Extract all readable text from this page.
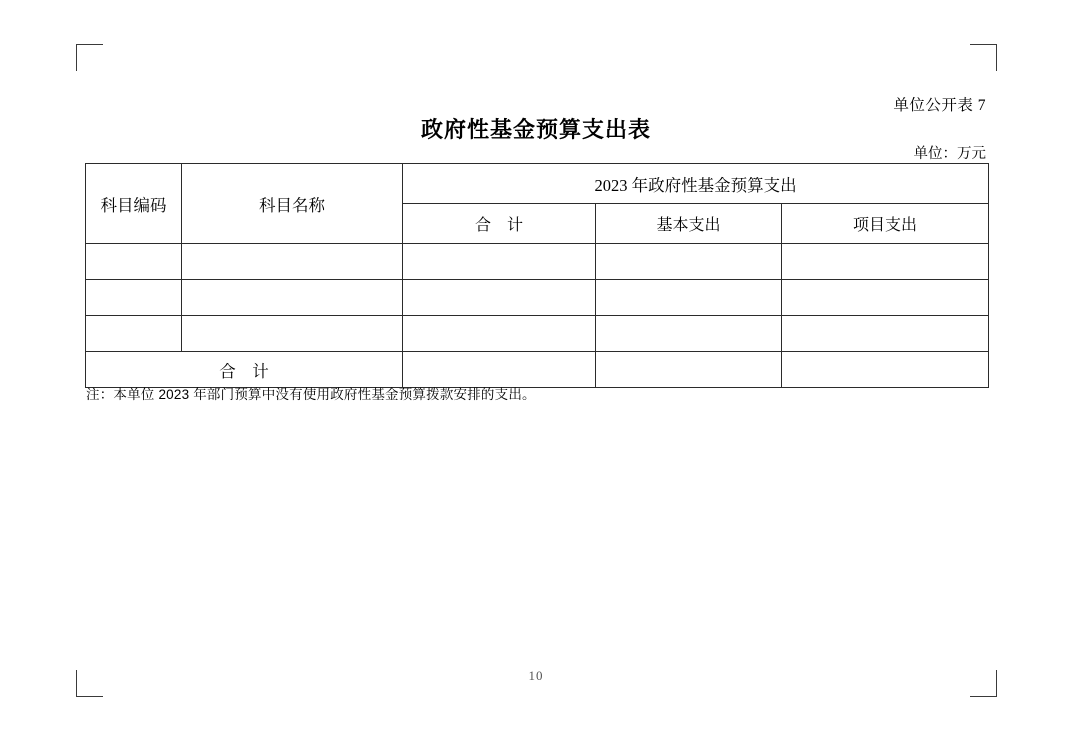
单位公开表 7
政府性基金预算支出表
单位：万元
科目编码	科目名称	2023 年政府性基金预算支出		
		合　计	基本支出	项目支出

合　计				
注：本单位 2023 年部门预算中没有使用政府性基金预算拨款安排的支出。
10
